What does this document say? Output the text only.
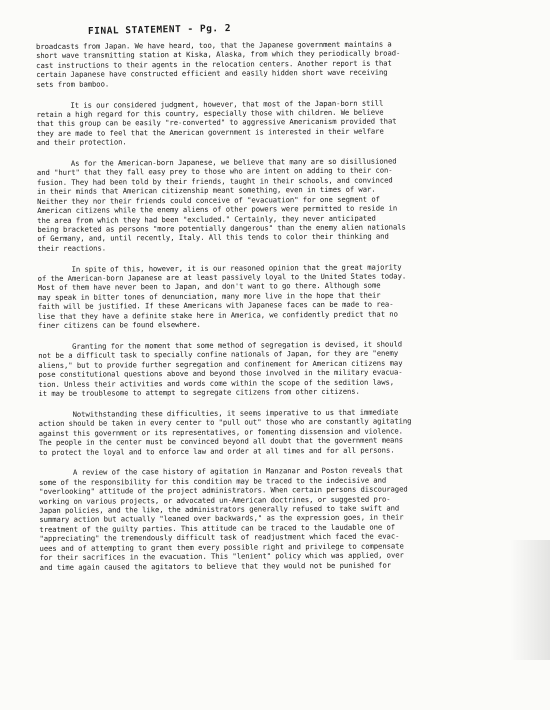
FINAL STATEMENT - Pg. 2
broadcasts from Japan. We have heard, too, that the Japanese government maintains a
short wave transmitting station at Kiska, Alaska, from which they periodically broad-
cast instructions to their agents in the relocation centers. Another report is that
certain Japanese have constructed efficient and easily hidden short wave receiving
sets from bamboo.
It is our considered judgment, however, that most of the Japan-born still
retain a high regard for this country, especially those with children. We believe
that this group can be easily "re-converted" to aggressive Americanism provided that
they are made to feel that the American government is interested in their welfare
and their protection.
As for the American-born Japanese, we believe that many are so disillusioned
and "hurt" that they fall easy prey to those who are intent on adding to their con-
fusion. They had been told by their friends, taught in their schools, and convinced
in their minds that American citizenship meant something, even in times of war.
Neither they nor their friends could conceive of "evacuation" for one segment of
American citizens while the enemy aliens of other powers were permitted to reside in
the area from which they had been "excluded." Certainly, they never anticipated
being bracketed as persons "more potentially dangerous" than the enemy alien nationals
of Germany, and, until recently, Italy. All this tends to color their thinking and
their reactions.
In spite of this, however, it is our reasoned opinion that the great majority
of the American-born Japanese are at least passively loyal to the United States today.
Most of them have never been to Japan, and don't want to go there. Although some
may speak in bitter tones of denunciation, many more live in the hope that their
faith will be justified. If these Americans with Japanese faces can be made to rea-
lise that they have a definite stake here in America, we confidently predict that no
finer citizens can be found elsewhere.
Granting for the moment that some method of segregation is devised, it should
not be a difficult task to specially confine nationals of Japan, for they are "enemy
aliens," but to provide further segregation and confinement for American citizens may
pose constitutional questions above and beyond those involved in the military evacua-
tion. Unless their activities and words come within the scope of the sedition laws,
it may be troublesome to attempt to segregate citizens from other citizens.
Notwithstanding these difficulties, it seems imperative to us that immediate
action should be taken in every center to "pull out" those who are constantly agitating
against this government or its representatives, or fomenting dissension and violence.
The people in the center must be convinced beyond all doubt that the government means
to protect the loyal and to enforce law and order at all times and for all persons.
A review of the case history of agitation in Manzanar and Poston reveals that
some of the responsibility for this condition may be traced to the indecisive and
"overlooking" attitude of the project administrators. When certain persons discouraged
working on various projects, or advocated un-American doctrines, or suggested pro-
Japan policies, and the like, the administrators generally refused to take swift and
summary action but actually "leaned over backwards," as the expression goes, in their
treatment of the guilty parties. This attitude can be traced to the laudable one of
"appreciating" the tremendously difficult task of readjustment which faced the evac-
uees and of attempting to grant them every possible right and privilege to compensate
for their sacrifices in the evacuation. This "lenient" policy which was applied, over
and time again caused the agitators to believe that they would not be punished for
